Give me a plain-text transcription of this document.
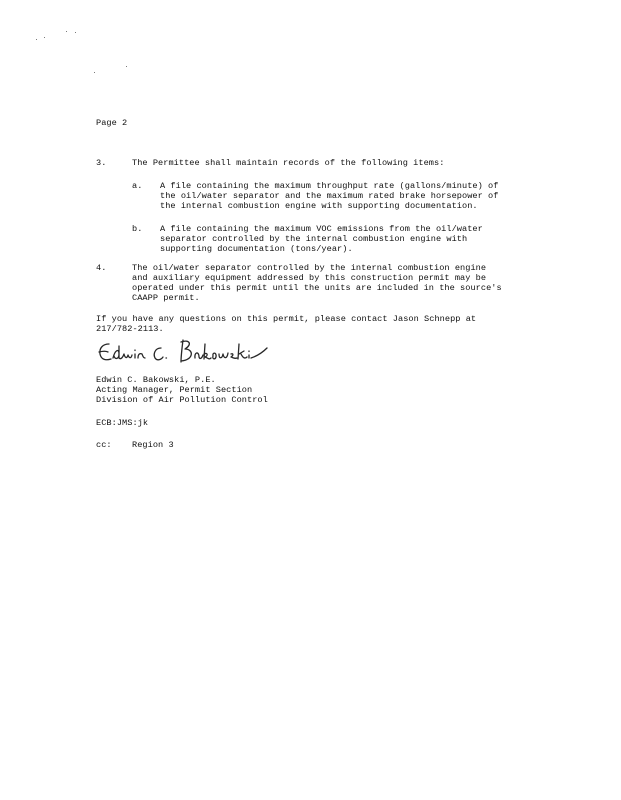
Page 2
3.	The Permittee shall maintain records of the following items:
a. A file containing the maximum throughput rate (gallons/minute) of
the oil/water separator and the maximum rated brake horsepower of
the internal combustion engine with supporting documentation.
b. A file containing the maximum VOC emissions from the oil/water
separator controlled by the internal combustion engine with
supporting documentation (tons/year).
4.	The oil/water separator controlled by the internal combustion engine
and auxiliary equipment addressed by this construction permit may be
operated under this permit until the units are included in the source's
CAAPP permit.
If you have any questions on this permit, please contact Jason Schnepp at
217/782-2113.
Edwin C. Bakowski, P.E.
Acting Manager, Permit Section
Division of Air Pollution Control
ECB:JMS:jk
cc: Region 3
